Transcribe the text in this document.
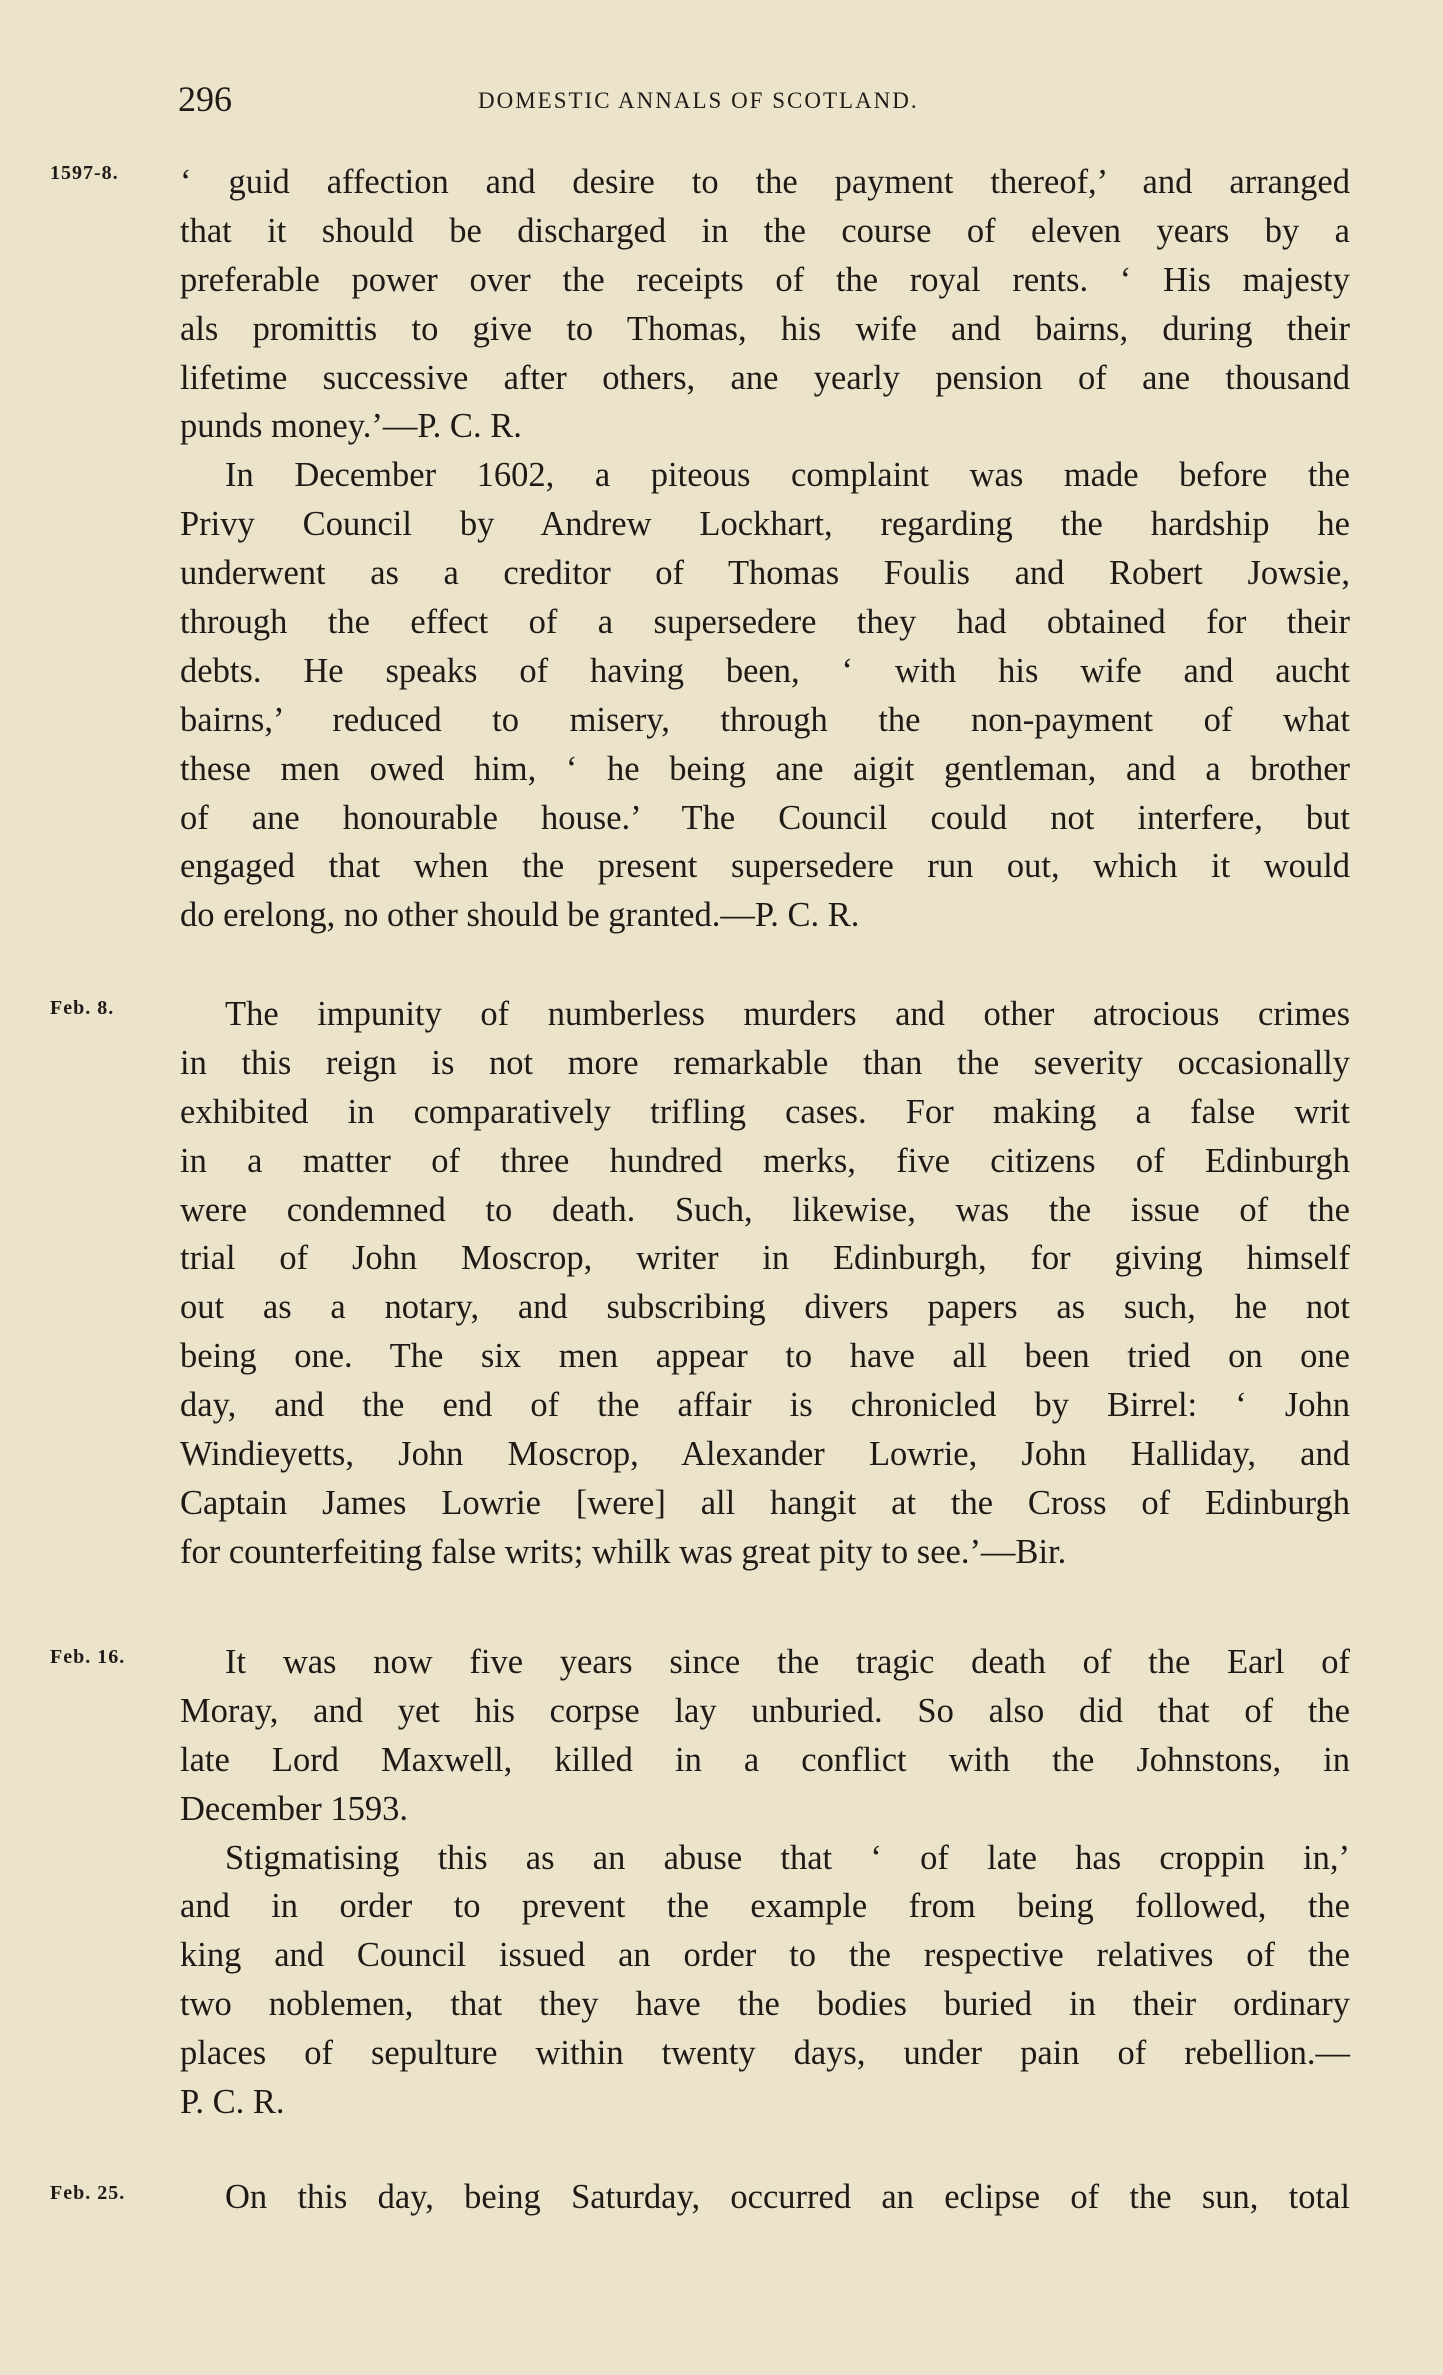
296	DOMESTIC ANNALS OF SCOTLAND.
1597-8. ‘ guid affection and desire to the payment thereof,’ and arranged
that it should be discharged in the course of eleven years by a
preferable power over the receipts of the royal rents. ‘ His majesty
als promittis to give to Thomas, his wife and bairns, during their
lifetime successive after others, ane yearly pension of ane thousand
punds money.’—P. C. R.
In December 1602, a piteous complaint was made before the
Privy Council by Andrew Lockhart, regarding the hardship he
underwent as a creditor of Thomas Foulis and Robert Jowsie,
through the effect of a supersedere they had obtained for their
debts. He speaks of having been, ‘ with his wife and aucht
bairns,’ reduced to misery, through the non-payment of what
these men owed him, ‘ he being ane aigit gentleman, and a brother
of ane honourable house.’ The Council could not interfere, but
engaged that when the present supersedere run out, which it would
do erelong, no other should be granted.—P. C. R.
Feb. 8.	The impunity of numberless murders and other atrocious crimes
in this reign is not more remarkable than the severity occasionally
exhibited in comparatively trifling cases. For making a false writ
in a matter of three hundred merks, five citizens of Edinburgh
were condemned to death. Such, likewise, was the issue of the
trial of John Moscrop, writer in Edinburgh, for giving himself
out as a notary, and subscribing divers papers as such, he not
being one. The six men appear to have all been tried on one
day, and the end of the affair is chronicled by Birrel: ‘ John
Windieyetts, John Moscrop, Alexander Lowrie, John Halliday, and
Captain James Lowrie [were] all hangit at the Cross of Edinburgh
for counterfeiting false writs; whilk was great pity to see.’—Bir.
Feb. 16.	It was now five years since the tragic death of the Earl of
Moray, and yet his corpse lay unburied. So also did that of the
late Lord Maxwell, killed in a conflict with the Johnstons, in
December 1593.
Stigmatising this as an abuse that ‘ of late has croppin in,’
and in order to prevent the example from being followed, the
king and Council issued an order to the respective relatives of the
two noblemen, that they have the bodies buried in their ordinary
places of sepulture within twenty days, under pain of rebellion.—
P. C. R.
Feb. 25.	On this day, being Saturday, occurred an eclipse of the sun, total
